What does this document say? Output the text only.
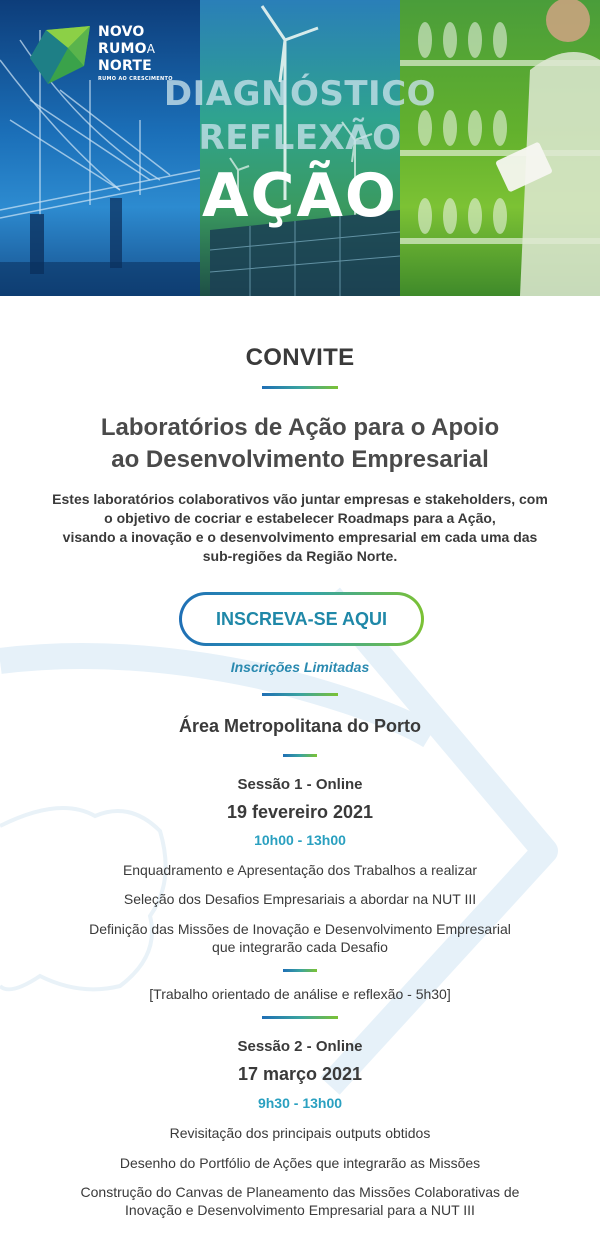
NOVO
RUMOA
NORTE
RUMO AO CRESCIMENTO
DIAGNÓSTICO
REFLEXÃO
AÇÃO
CONVITE
Laboratórios de Ação para o Apoio
ao Desenvolvimento Empresarial
Estes laboratórios colaborativos vão juntar empresas e stakeholders, com
o objetivo de cocriar e estabelecer Roadmaps para a Ação,
visando a inovação e o desenvolvimento empresarial em cada uma das
sub-regiões da Região Norte.
INSCREVA-SE AQUI
Inscrições Limitadas
Área Metropolitana do Porto
Sessão 1 - Online
19 fevereiro 2021
10h00 - 13h00
Enquadramento e Apresentação dos Trabalhos a realizar
Seleção dos Desafios Empresariais a abordar na NUT III
Definição das Missões de Inovação e Desenvolvimento Empresarial
que integrarão cada Desafio
[Trabalho orientado de análise e reflexão - 5h30]
Sessão 2 - Online
17 março 2021
9h30 - 13h00
Revisitação dos principais outputs obtidos
Desenho do Portfólio de Ações que integrarão as Missões
Construção do Canvas de Planeamento das Missões Colaborativas de
Inovação e Desenvolvimento Empresarial para a NUT III
